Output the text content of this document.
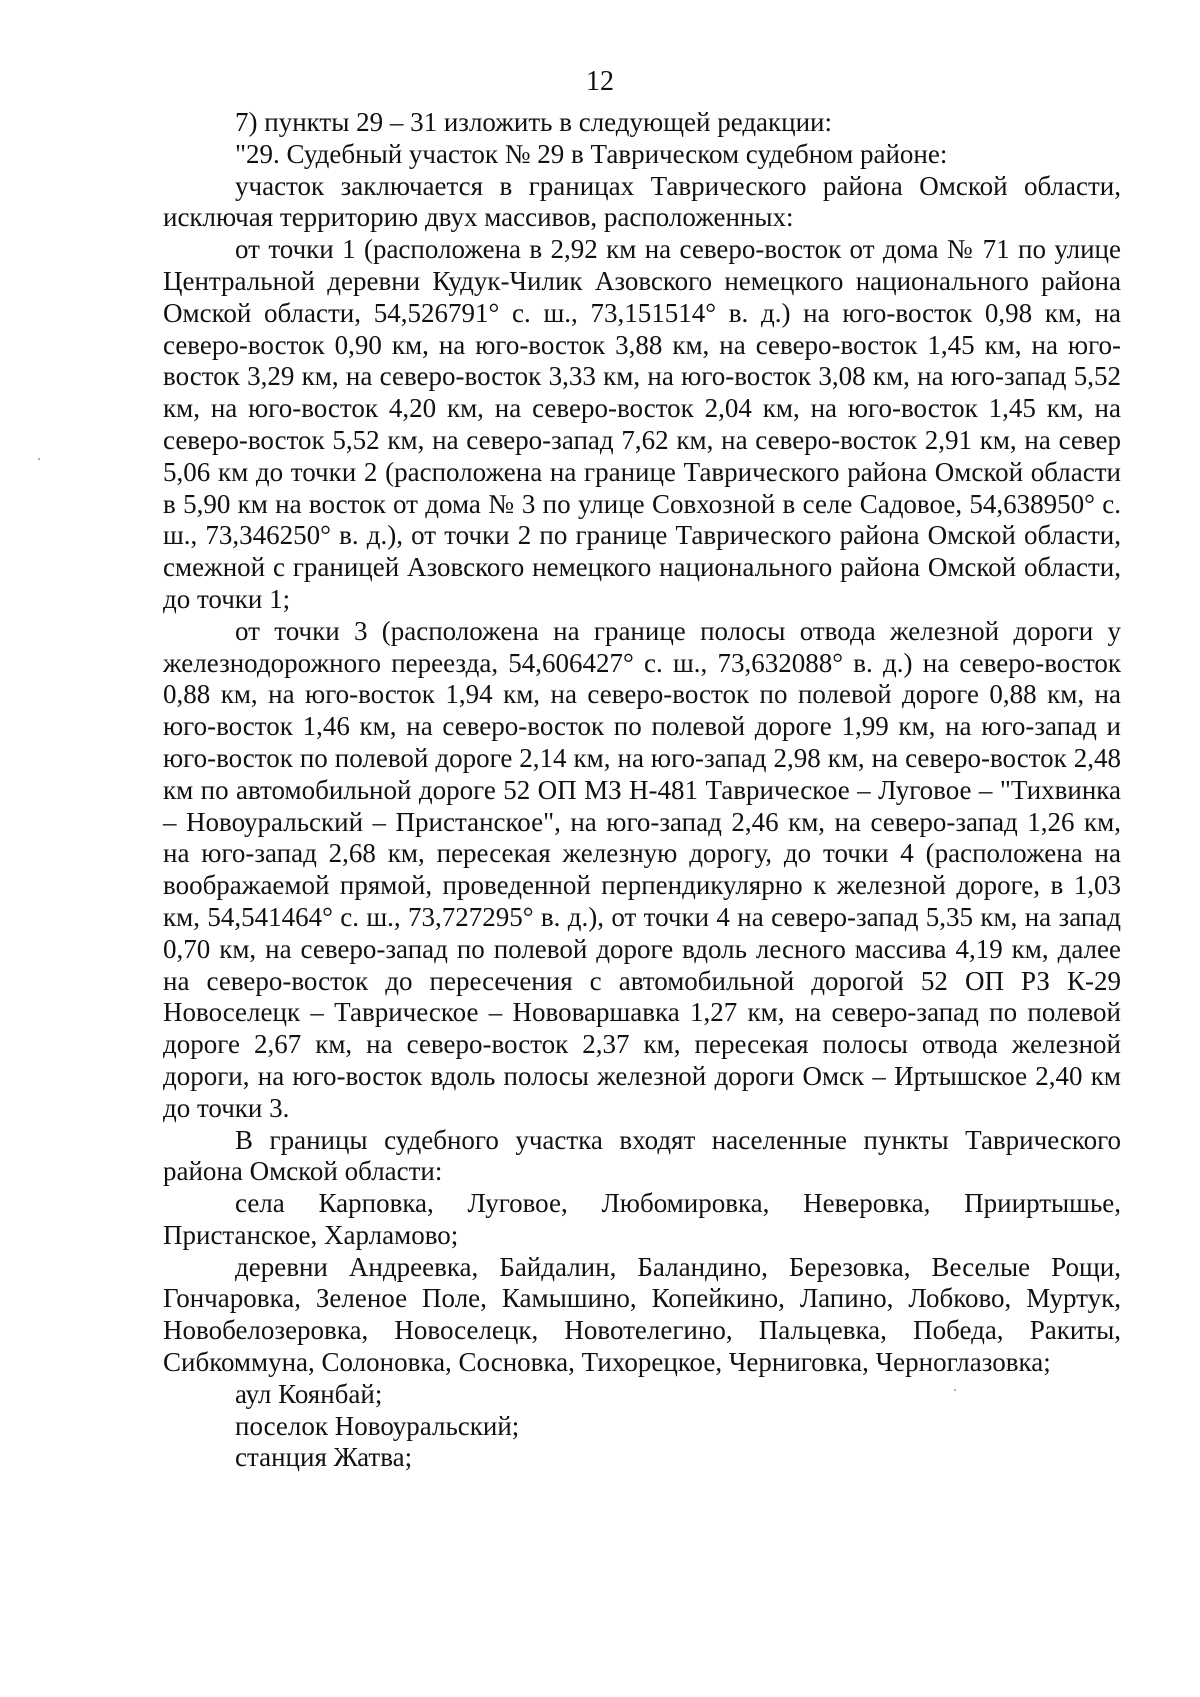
12

7) пункты 29 – 31 изложить в следующей редакции:

"29. Судебный участок № 29 в Таврическом судебном районе:

участок заключается в границах Таврического района Омской области, исключая территорию двух массивов, расположенных:

от точки 1 (расположена в 2,92 км на северо-восток от дома № 71 по улице Центральной деревни Кудук-Чилик Азовского немецкого национального района Омской области, 54,526791° с. ш., 73,151514° в. д.) на юго-восток 0,98 км, на северо-восток 0,90 км, на юго-восток 3,88 км, на северо-восток 1,45 км, на юго-восток 3,29 км, на северо-восток 3,33 км, на юго-восток 3,08 км, на юго-запад 5,52 км, на юго-восток 4,20 км, на северо-восток 2,04 км, на юго-восток 1,45 км, на северо-восток 5,52 км, на северо-запад 7,62 км, на северо-восток 2,91 км, на север 5,06 км до точки 2 (расположена на границе Таврического района Омской области в 5,90 км на восток от дома № 3 по улице Совхозной в селе Садовое, 54,638950° с. ш., 73,346250° в. д.), от точки 2 по границе Таврического района Омской области, смежной с границей Азовского немецкого национального района Омской области, до точки 1;

от точки 3 (расположена на границе полосы отвода железной дороги у железнодорожного переезда, 54,606427° с. ш., 73,632088° в. д.) на северо-восток 0,88 км, на юго-восток 1,94 км, на северо-восток по полевой дороге 0,88 км, на юго-восток 1,46 км, на северо-восток по полевой дороге 1,99 км, на юго-запад и юго-восток по полевой дороге 2,14 км, на юго-запад 2,98 км, на северо-восток 2,48 км по автомобильной дороге 52 ОП МЗ Н-481 Таврическое – Луговое – "Тихвинка – Новоуральский – Пристанское", на юго-запад 2,46 км, на северо-запад 1,26 км, на юго-запад 2,68 км, пересекая железную дорогу, до точки 4 (расположена на воображаемой прямой, проведенной перпендикулярно к железной дороге, в 1,03 км, 54,541464° с. ш., 73,727295° в. д.), от точки 4 на северо-запад 5,35 км, на запад 0,70 км, на северо-запад по полевой дороге вдоль лесного массива 4,19 км, далее на северо-восток до пересечения с автомобильной дорогой 52 ОП РЗ К-29 Новоселецк – Таврическое – Нововаршавка 1,27 км, на северо-запад по полевой дороге 2,67 км, на северо-восток 2,37 км, пересекая полосы отвода железной дороги, на юго-восток вдоль полосы железной дороги Омск – Иртышское 2,40 км до точки 3.

В границы судебного участка входят населенные пункты Таврического района Омской области:

села Карповка, Луговое, Любомировка, Неверовка, Прииртышье, Пристанское, Харламово;

деревни Андреевка, Байдалин, Баландино, Березовка, Веселые Рощи, Гончаровка, Зеленое Поле, Камышино, Копейкино, Лапино, Лобково, Муртук, Новобелозеровка, Новоселецк, Новотелегино, Пальцевка, Победа, Ракиты, Сибкоммуна, Солоновка, Сосновка, Тихорецкое, Черниговка, Черноглазовка;

аул Коянбай;

поселок Новоуральский;

станция Жатва;
